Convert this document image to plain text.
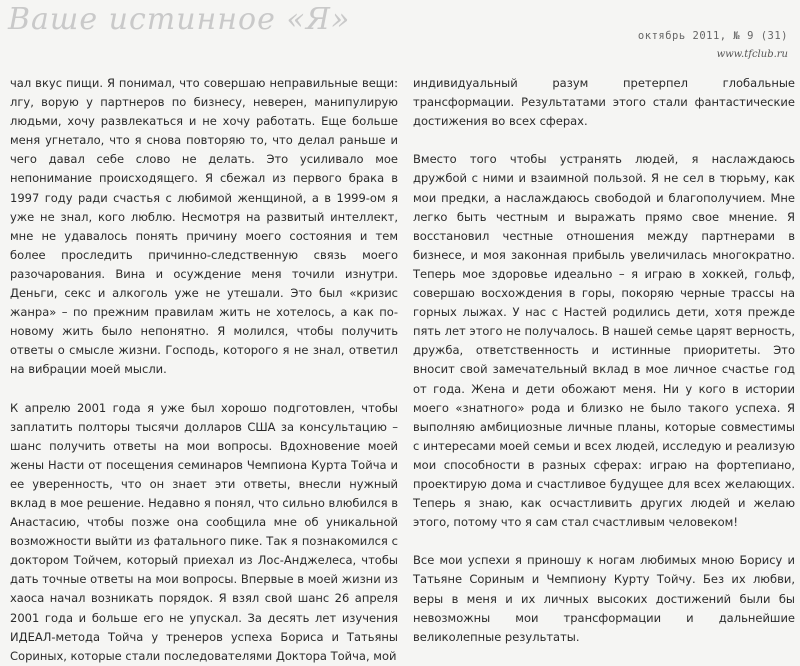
Ваше истинное «Я»	октябрь 2011, № 9 (31)
www.tfclub.ru

чал вкус пищи. Я понимал, что совершаю неправильные вещи: лгу, ворую у партнеров по бизнесу, неверен, манипулирую людьми, хочу развлекаться и не хочу работать. Еще больше меня угнетало, что я снова повторяю то, что делал раньше и чего давал себе слово не делать. Это усиливало мое непонимание происходящего. Я сбежал из первого брака в 1997 году ради счастья с любимой женщиной, а в 1999-ом я уже не знал, кого люблю. Несмотря на развитый интеллект, мне не удавалось понять причину моего состояния и тем более проследить причинно-следственную связь моего разочарования. Вина и осуждение меня точили изнутри. Деньги, секс и алкоголь уже не утешали. Это был «кризис жанра» – по прежним правилам жить не хотелось, а как по-новому жить было непонятно. Я молился, чтобы получить ответы о смысле жизни. Господь, которого я не знал, ответил на вибрации моей мысли.

К апрелю 2001 года я уже был хорошо подготовлен, чтобы заплатить полторы тысячи долларов США за консультацию – шанс получить ответы на мои вопросы. Вдохновение моей жены Насти от посещения семинаров Чемпиона Курта Тойча и ее уверенность, что он знает эти ответы, внесли нужный вклад в мое решение. Недавно я понял, что сильно влюбился в Анастасию, чтобы позже она сообщила мне об уникальной возможности выйти из фатального пике. Так я познакомился с доктором Тойчем, который приехал из Лос-Анджелеса, чтобы дать точные ответы на мои вопросы. Впервые в моей жизни из хаоса начал возникать порядок. Я взял свой шанс 26 апреля 2001 года и больше его не упускал. За десять лет изучения ИДЕАЛ-метода Тойча у тренеров успеха Бориса и Татьяны Сориных, которые стали последователями Доктора Тойча, мой

индивидуальный разум претерпел глобальные трансформации. Результатами этого стали фантастические достижения во всех сферах.

Вместо того чтобы устранять людей, я наслаждаюсь дружбой с ними и взаимной пользой. Я не сел в тюрьму, как мои предки, а наслаждаюсь свободой и благополучием. Мне легко быть честным и выражать прямо свое мнение. Я восстановил честные отношения между партнерами в бизнесе, и моя законная прибыль увеличилась многократно. Теперь мое здоровье идеально – я играю в хоккей, гольф, совершаю восхождения в горы, покоряю черные трассы на горных лыжах. У нас с Настей родились дети, хотя прежде пять лет этого не получалось. В нашей семье царят верность, дружба, ответственность и истинные приоритеты. Это вносит свой замечательный вклад в мое личное счастье год от года. Жена и дети обожают меня. Ни у кого в истории моего «знатного» рода и близко не было такого успеха. Я выполняю амбициозные личные планы, которые совместимы с интересами моей семьи и всех людей, исследую и реализую мои способности в разных сферах: играю на фортепиано, проектирую дома и счастливое будущее для всех желающих. Теперь я знаю, как осчастливить других людей и желаю этого, потому что я сам стал счастливым человеком!

Все мои успехи я приношу к ногам любимых мною Борису и Татьяне Сориным и Чемпиону Курту Тойчу. Без их любви, веры в меня и их личных высоких достижений были бы невозможны мои трансформации и дальнейшие великолепные результаты.
